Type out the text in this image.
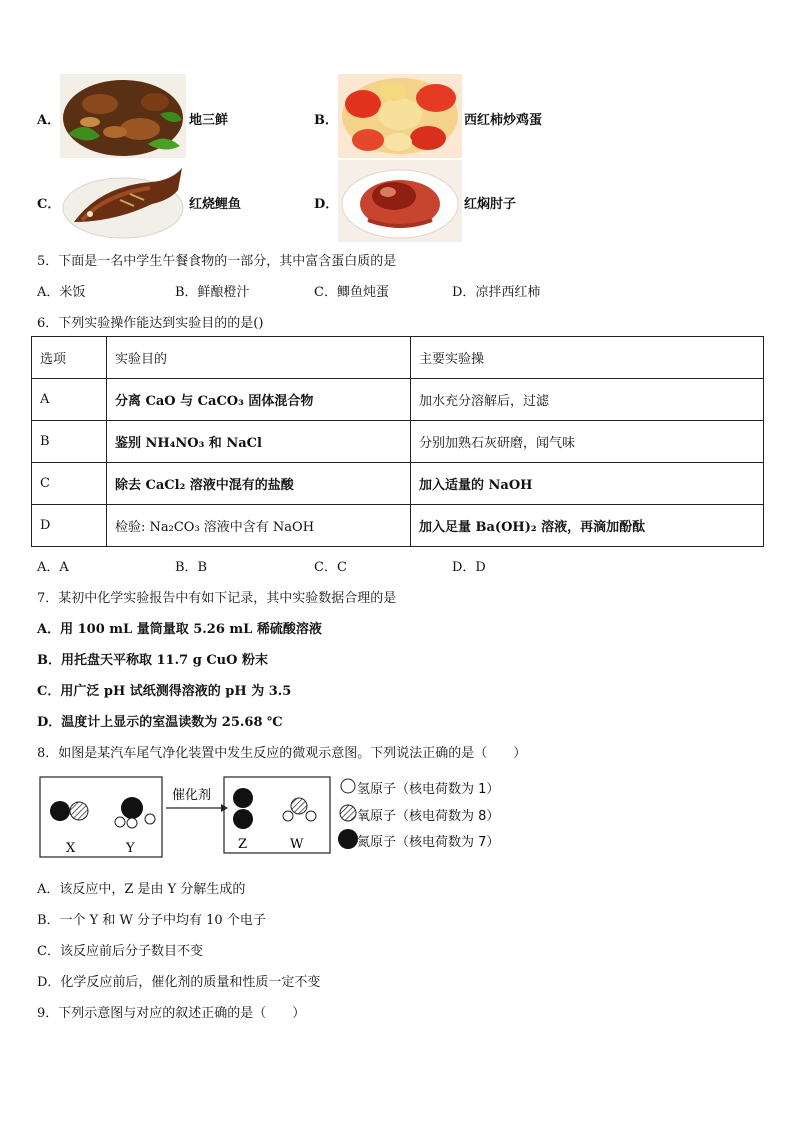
A．	地三鲜	B．	西红柿炒鸡蛋
C．	红烧鲤鱼	D．	红焖肘子
5．下面是一名中学生午餐食物的一部分，其中富含蛋白质的是
A．米饭	B．鲜酿橙汁	C．鲫鱼炖蛋	D．凉拌西红柿
6．下列实验操作能达到实验目的的是()
选项	实验目的	主要实验操
A	分离 CaO 与 CaCO₃ 固体混合物	加水充分溶解后，过滤
B	鉴别 NH₄NO₃ 和 NaCl	分别加熟石灰研磨，闻气味
C	除去 CaCl₂ 溶液中混有的盐酸	加入适量的 NaOH
D	检验: Na₂CO₃ 溶液中含有 NaOH	加入足量 Ba(OH)₂ 溶液，再滴加酚酞
A．A	B．B	C．C	D．D
7．某初中化学实验报告中有如下记录，其中实验数据合理的是
A．用 100 mL 量筒量取 5.26 mL 稀硫酸溶液
B．用托盘天平称取 11.7 g CuO 粉末
C．用广泛 pH 试纸测得溶液的 pH 为 3.5
D．温度计上显示的室温读数为 25.68 ℃
8．如图是某汽车尾气净化装置中发生反应的微观示意图。下列说法正确的是（　　）
X	Y
催化剂
Z	W
氢原子（核电荷数为 1）
氧原子（核电荷数为 8）
氮原子（核电荷数为 7）
A．该反应中，Z 是由 Y 分解生成的
B．一个 Y 和 W 分子中均有 10 个电子
C．该反应前后分子数目不变
D．化学反应前后，催化剂的质量和性质一定不变
9．下列示意图与对应的叙述正确的是（　　）
